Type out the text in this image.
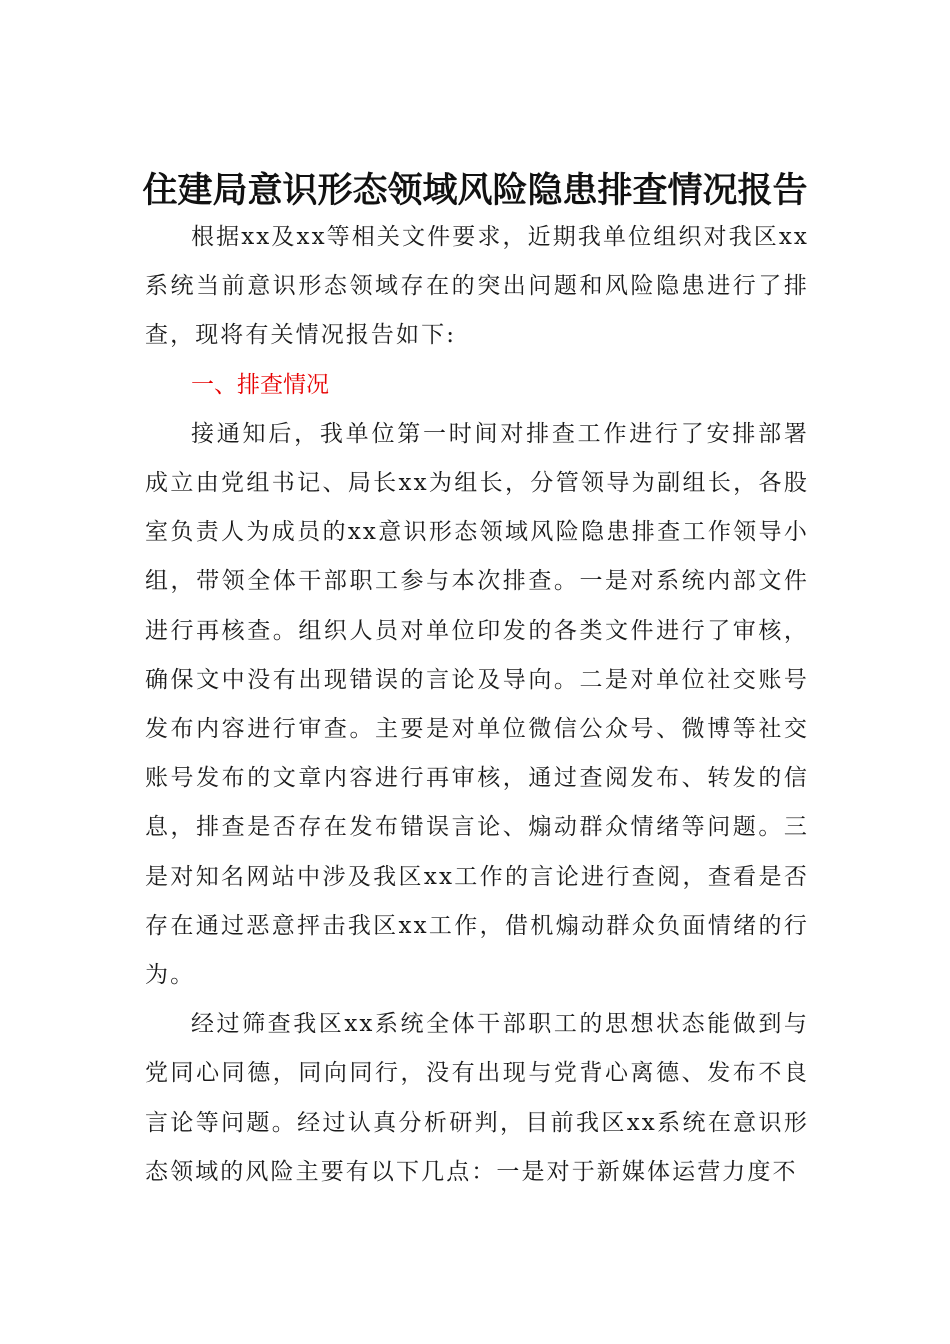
住建局意识形态领域风险隐患排查情况报告

根据xx及xx等相关文件要求，近期我单位组织对我区xx系统当前意识形态领域存在的突出问题和风险隐患进行了排查，现将有关情况报告如下:

一、排查情况

接通知后，我单位第一时间对排查工作进行了安排部署成立由党组书记、局长xx为组长，分管领导为副组长，各股室负责人为成员的xx意识形态领域风险隐患排查工作领导小组，带领全体干部职工参与本次排查。一是对系统内部文件进行再核查。组织人员对单位印发的各类文件进行了审核，确保文中没有出现错误的言论及导向。二是对单位社交账号发布内容进行审查。主要是对单位微信公众号、微博等社交账号发布的文章内容进行再审核，通过查阅发布、转发的信息，排查是否存在发布错误言论、煽动群众情绪等问题。三是对知名网站中涉及我区xx工作的言论进行查阅，查看是否存在通过恶意抨击我区xx工作，借机煽动群众负面情绪的行为。

经过筛查我区xx系统全体干部职工的思想状态能做到与党同心同德，同向同行，没有出现与党背心离德、发布不良言论等问题。经过认真分析研判，目前我区xx系统在意识形态领域的风险主要有以下几点：一是对于新媒体运营力度不
